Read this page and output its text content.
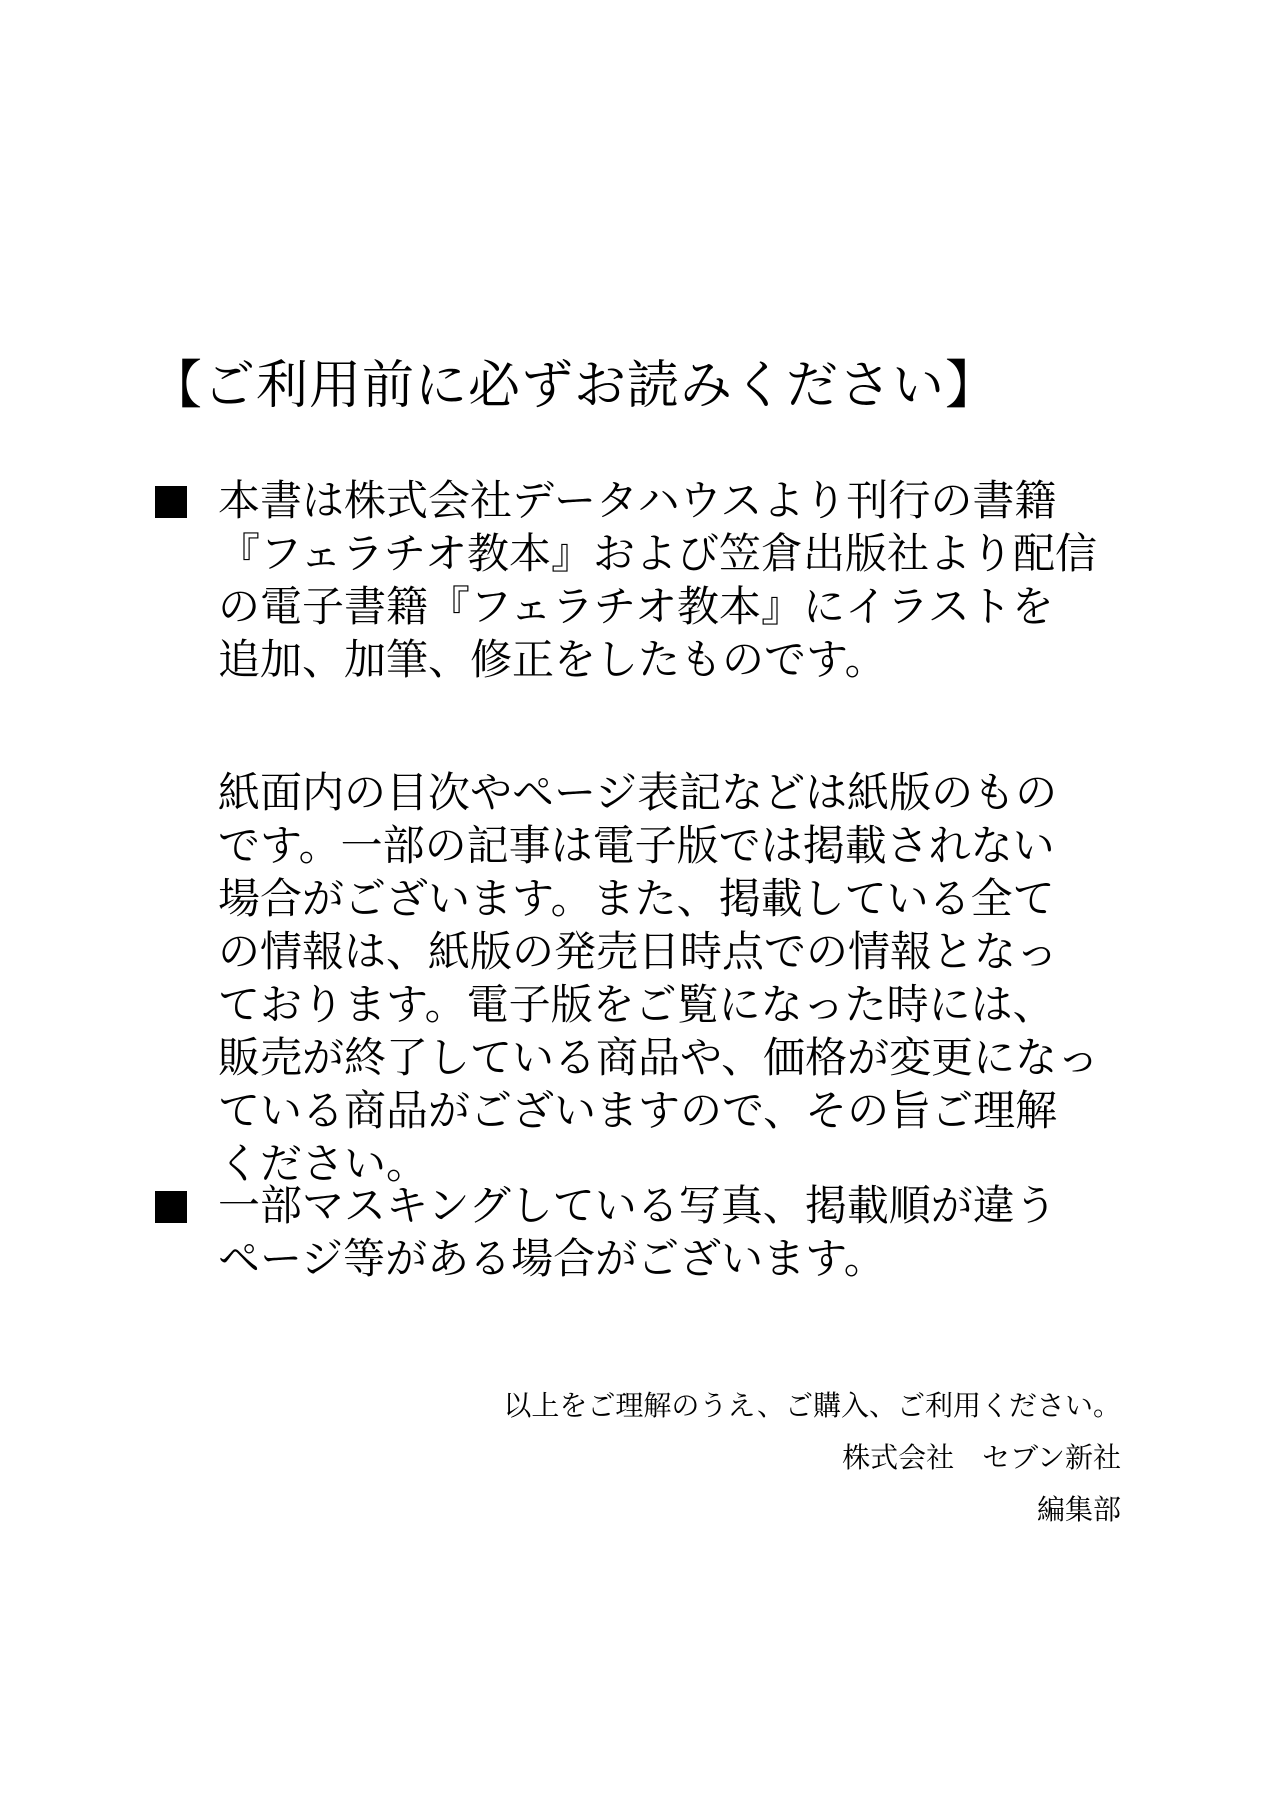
【ご利用前に必ずお読みください】
本書は株式会社データハウスより刊行の書籍
『フェラチオ教本』および笠倉出版社より配信
の電子書籍『フェラチオ教本』にイラストを
追加、加筆、修正をしたものです。
紙面内の目次やページ表記などは紙版のもの
です。一部の記事は電子版では掲載されない
場合がございます。また、掲載している全て
の情報は、紙版の発売日時点での情報となっ
ております。電子版をご覧になった時には、
販売が終了している商品や、価格が変更になっ
ている商品がございますので、その旨ご理解
ください。
一部マスキングしている写真、掲載順が違う
ページ等がある場合がございます。
以上をご理解のうえ、ご購入、ご利用ください。
株式会社　セブン新社
編集部
